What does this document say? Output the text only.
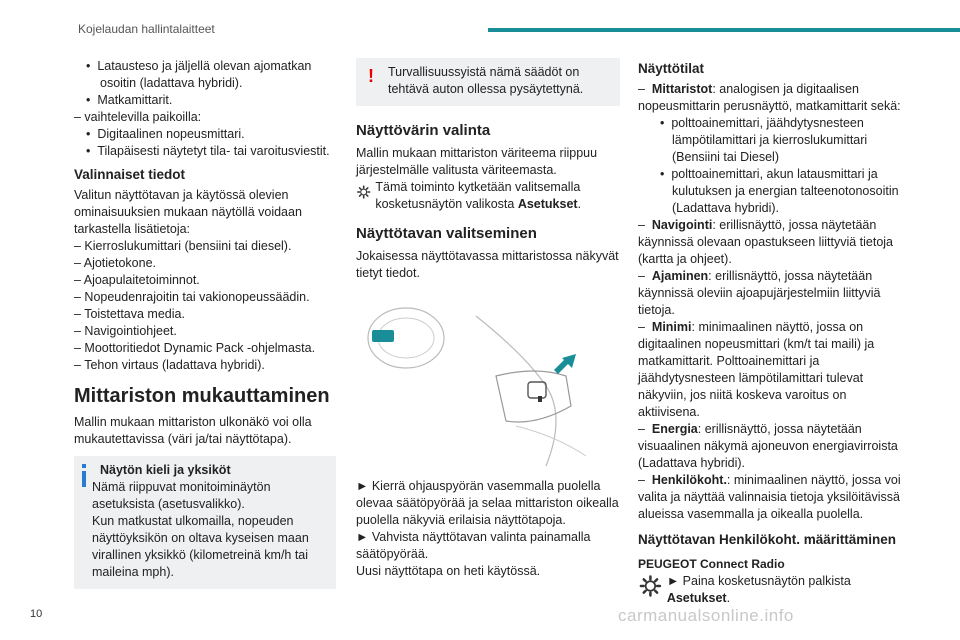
Kojelaudan hallintalaitteet
•  Latausteso ja jäljellä olevan ajomatkan osoitin (ladattava hybridi).
•  Matkamittarit.
– vaihtelevilla paikoilla:
•  Digitaalinen nopeusmittari.
•  Tilapäisesti näytetyt tila- tai varoitusviestit.
Valinnaiset tiedot
Valitun näyttötavan ja käytössä olevien ominaisuuksien mukaan näytöllä voidaan tarkastella lisätietoja:
– Kierroslukumittari (bensiini tai diesel).
– Ajotietokone.
– Ajoapulaitetoiminnot.
– Nopeudenrajoitin tai vakionopeussäädin.
– Toistettava media.
– Navigointiohjeet.
– Moottoritiedot Dynamic Pack -ohjelmasta.
– Tehon virtaus (ladattava hybridi).
Mittariston mukauttaminen
Mallin mukaan mittariston ulkonäkö voi olla mukautettavissa (väri ja/tai näyttötapa).
Näytön kieli ja yksiköt
Nämä riippuvat monitoiminäytön asetuksista (asetusvalikko).
Kun matkustat ulkomailla, nopeuden näyttöyksikön on oltava kyseisen maan virallinen yksikkö (kilometreinä km/h tai maileina mph).
! Turvallisuussyistä nämä säädöt on tehtävä auton ollessa pysäytettynä.
Näyttövärin valinta
Mallin mukaan mittariston väriteema riippuu järjestelmälle valitusta väriteemasta.
Tämä toiminto kytketään valitsemalla kosketusnäytön valikosta Asetukset.
Näyttötavan valitseminen
Jokaisessa näyttötavassa mittaristossa näkyvät tietyt tiedot.
► Kierrä ohjauspyörän vasemmalla puolella olevaa säätöpyörää ja selaa mittariston oikealla puolella näkyviä erilaisia näyttötapoja.
► Vahvista näyttötavan valinta painamalla säätöpyörää.
Uusi näyttötapa on heti käytössä.
Näyttötilat
–  Mittaristot: analogisen ja digitaalisen nopeusmittarin perusnäyttö, matkamittarit sekä:
•  polttoainemittari, jäähdytysnesteen lämpötilamittari ja kierroslukumittari (Bensiini tai Diesel)
•  polttoainemittari, akun latausmittari ja kulutuksen ja energian talteenotonosoitin (Ladattava hybridi).
–  Navigointi: erillisnäyttö, jossa näytetään käynnissä olevaan opastukseen liittyviä tietoja (kartta ja ohjeet).
–  Ajaminen: erillisnäyttö, jossa näytetään käynnissä oleviin ajoapujärjestelmiin liittyviä tietoja.
–  Minimi: minimaalinen näyttö, jossa on digitaalinen nopeusmittari (km/t tai maili) ja matkamittarit. Polttoainemittari ja jäähdytysnesteen lämpötilamittari tulevat näkyviin, jos niitä koskeva varoitus on aktiivisena.
–  Energia: erillisnäyttö, jossa näytetään visuaalinen näkymä ajoneuvon energiavirroista (Ladattava hybridi).
–  Henkilökoht.: minimaalinen näyttö, jossa voi valita ja näyttää valinnaisia tietoja yksilöitävissä alueissa vasemmalla ja oikealla puolella.
Näyttötavan Henkilökoht. määrittäminen
PEUGEOT Connect Radio
► Paina kosketusnäytön palkista Asetukset.
10	carmanualsonline.info
